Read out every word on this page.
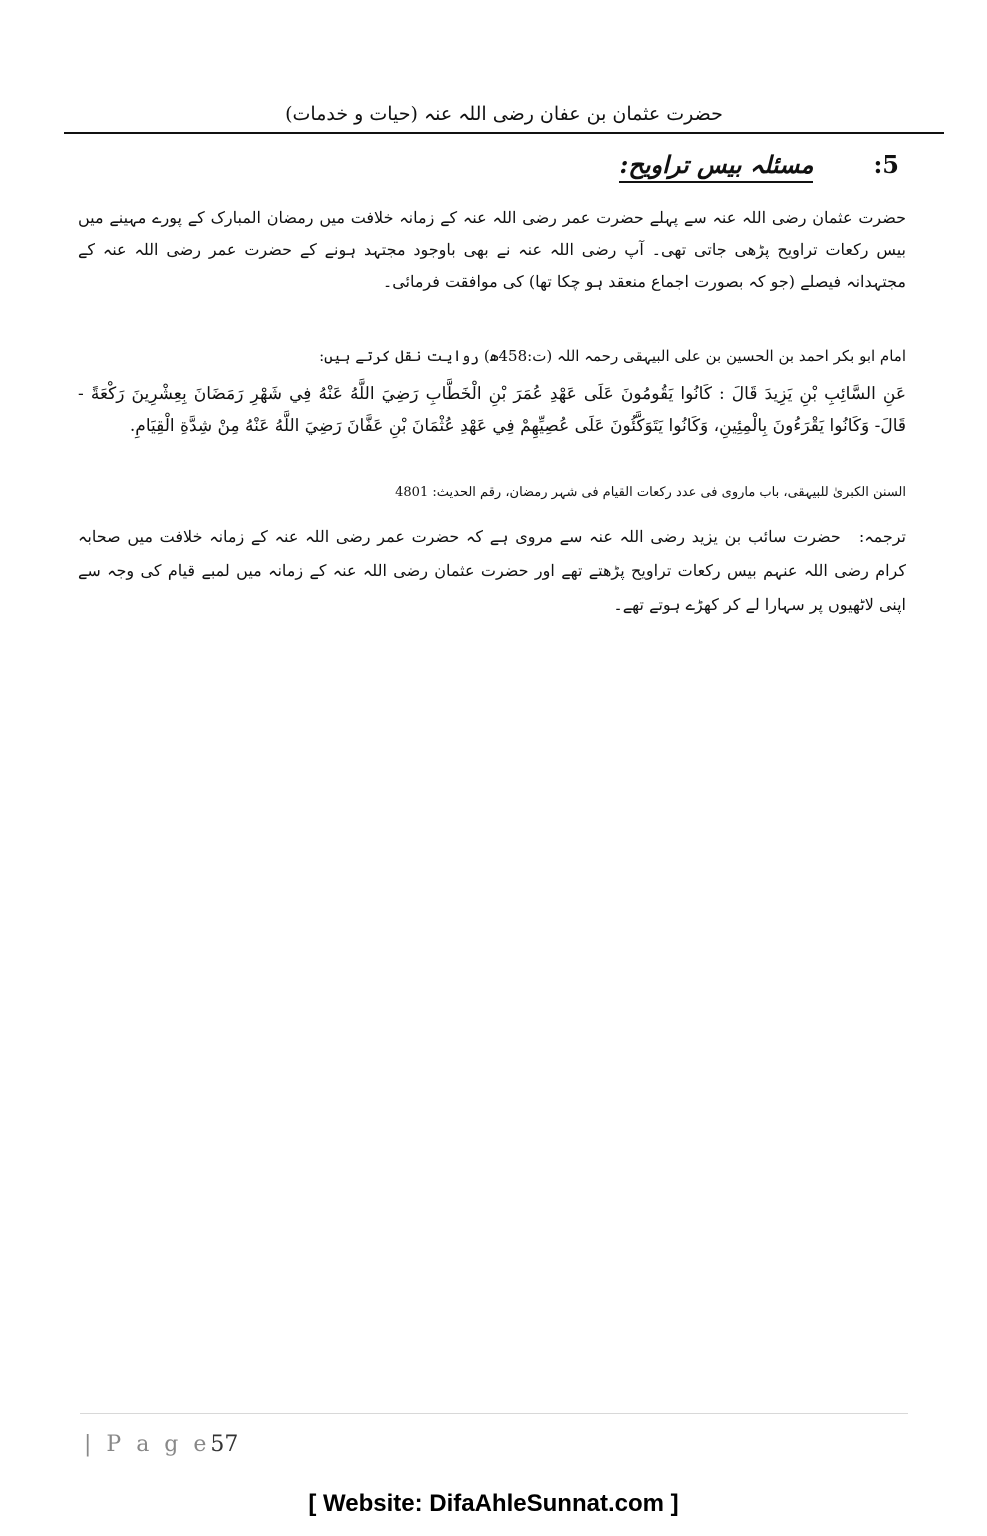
حضرت عثمان بن عفان رضی اللہ عنہ (حیات و خدمات)
5:
مسئلہ بیس تراویح:
حضرت عثمان رضی اللہ عنہ سے پہلے حضرت عمر رضی اللہ عنہ کے زمانہ خلافت میں رمضان المبارک کے پورے مہینے میں بیس رکعات تراویح پڑھی جاتی تھی۔ آپ رضی اللہ عنہ نے بھی باوجود مجتہد ہونے کے حضرت عمر رضی اللہ عنہ کے مجتہدانہ فیصلے (جو کہ بصورت اجماع منعقد ہو چکا تھا) کی موافقت فرمائی۔
امام ابو بکر احمد بن الحسین بن علی البیہقی رحمہ اللہ (ت:458ھ) روایت نقل کرتے ہیں:
عَنِ السَّائِبِ بْنِ يَزِيدَ قَالَ : كَانُوا يَقُومُونَ عَلَى عَهْدِ عُمَرَ بْنِ الْخَطَّابِ رَضِيَ اللَّهُ عَنْهُ فِي شَهْرِ رَمَضَانَ بِعِشْرِينَ رَكْعَةً - قَالَ- وَكَانُوا يَقْرَءُونَ بِالْمِئِينِ، وَكَانُوا يَتَوَكَّئُونَ عَلَى عُصِيِّهِمْ فِي عَهْدِ عُثْمَانَ بْنِ عَفَّانَ رَضِيَ اللَّهُ عَنْهُ مِنْ شِدَّةِ الْقِيَامِ.
السنن الکبریٰ للبیہقی، باب ماروی فی عدد رکعات القیام فی شہر رمضان، رقم الحدیث: 4801
ترجمہ:حضرت سائب بن یزید رضی اللہ عنہ سے مروی ہے کہ حضرت عمر رضی اللہ عنہ کے زمانہ خلافت میں صحابہ کرام رضی اللہ عنہم بیس رکعات تراویح پڑھتے تھے اور حضرت عثمان رضی اللہ عنہ کے زمانہ میں لمبے قیام کی وجہ سے اپنی لاٹھیوں پر سہارا لے کر کھڑے ہوتے تھے۔
| P a g e57
[ Website: DifaAhleSunnat.com ]
